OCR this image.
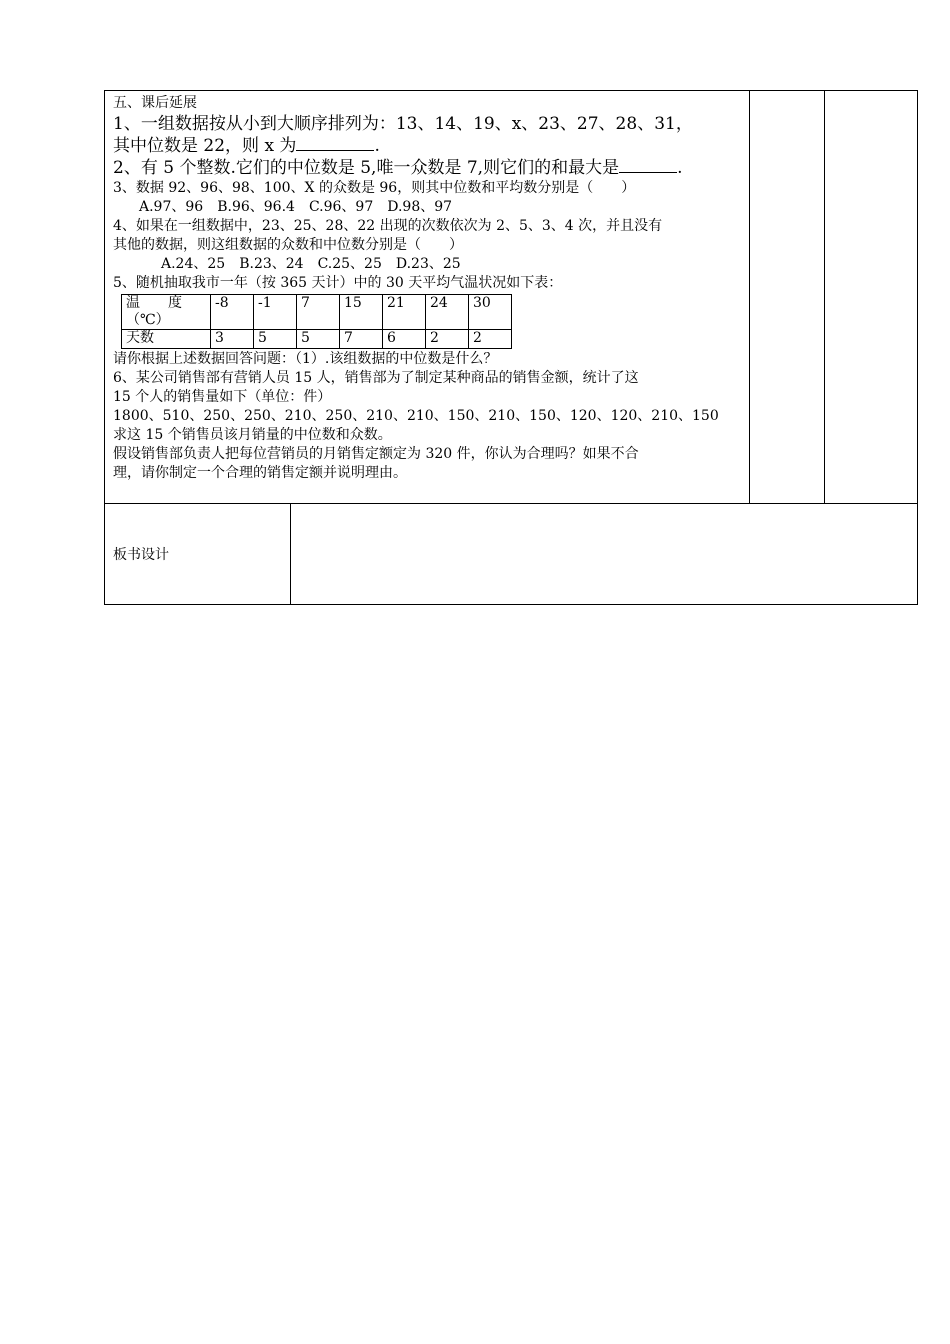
五、课后延展
1、一组数据按从小到大顺序排列为：13、14、19、x、23、27、28、31，
其中位数是 22，则 x 为	.
2、有 5 个整数.它们的中位数是 5,唯一众数是 7,则它们的和最大是	.
3、数据 92、96、98、100、X 的众数是 96，则其中位数和平均数分别是（　　）
A.97、96 B.96、96.4 C.96、97 D.98、97
4、如果在一组数据中，23、25、28、22 出现的次数依次为 2、5、3、4 次，并且没有
其他的数据，则这组数据的众数和中位数分别是（　　）
A.24、25 B.23、24 C.25、25 D.23、25
5、随机抽取我市一年（按 365 天计）中的 30 天平均气温状况如下表：
温　　度
（℃）	-8	-1	7	15	21	24	30
天数	3	5	5	7	6	2	2
请你根据上述数据回答问题：（1）.该组数据的中位数是什么？
6、某公司销售部有营销人员 15 人，销售部为了制定某种商品的销售金额，统计了这
15 个人的销售量如下（单位：件）
1800、510、250、250、210、250、210、210、150、210、150、120、120、210、150
求这 15 个销售员该月销量的中位数和众数。
假设销售部负责人把每位营销员的月销售定额定为 320 件，你认为合理吗？如果不合
理，请你制定一个合理的销售定额并说明理由。
板书设计
